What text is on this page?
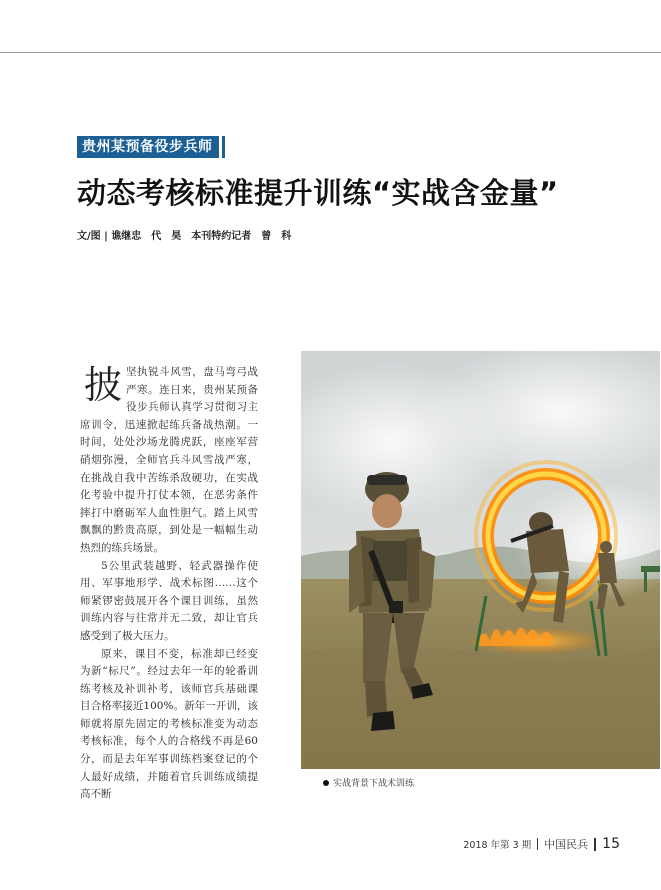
贵州某预备役步兵师
动态考核标准提升训练“实战含金量”
文/图 | 谯继忠　代　昊　本刊特约记者　曾　科

披坚执锐斗风雪，盘马弯弓战严寒。连日来，贵州某预备役步兵师认真学习贯彻习主席训令，迅速掀起练兵备战热潮。一时间，处处沙场龙腾虎跃，座座军营硝烟弥漫，全师官兵斗风雪战严寒，在挑战自我中苦练杀敌硬功，在实战化考验中提升打仗本领，在恶劣条件摔打中磨砺军人血性胆气。踏上风雪飘飘的黔贵高原，到处是一幅幅生动热烈的练兵场景。

5公里武装越野、轻武器操作使用、军事地形学、战术标图……这个师紧锣密鼓展开各个课目训练，虽然训练内容与往常并无二致，却让官兵感受到了极大压力。

原来，课目不变，标准却已经变为新“标尺”。经过去年一年的轮番训练考核及补训补考，该师官兵基础课目合格率接近100%。新年一开训，该师就将原先固定的考核标准变为动态考核标准，每个人的合格线不再是60分，而是去年军事训练档案登记的个人最好成绩，并随着官兵训练成绩提高不断

实战背景下战术训练
2018 年第 3 期 中国民兵 15
